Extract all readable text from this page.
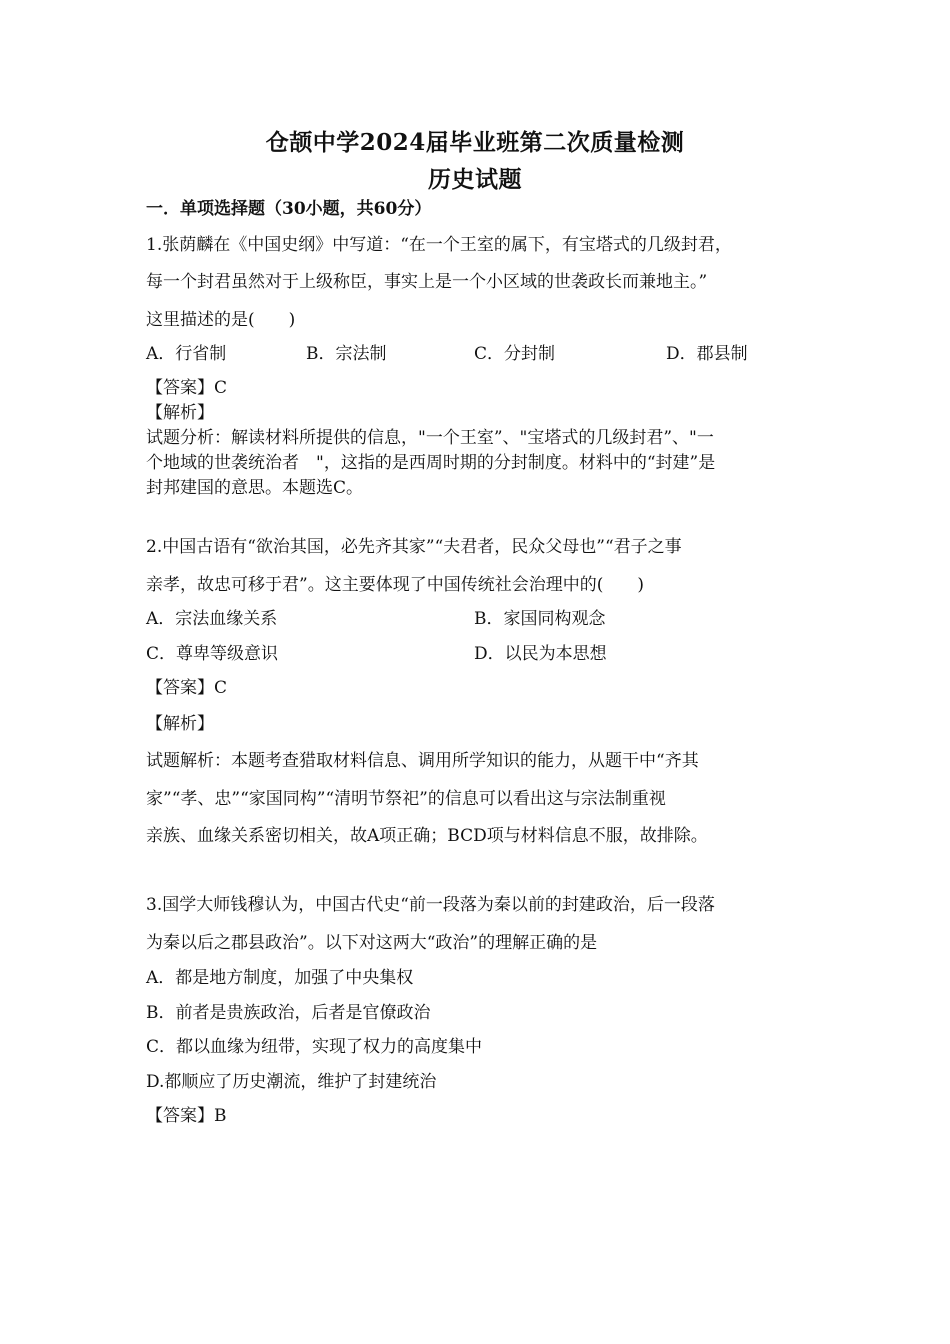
仓颉中学2024届毕业班第二次质量检测
历史试题
一．单项选择题（30小题，共60分）
1.张荫麟在《中国史纲》中写道：“在一个王室的属下，有宝塔式的几级封君，
每一个封君虽然对于上级称臣，事实上是一个小区域的世袭政长而兼地主。”
这里描述的是(　　)
A．行省制	B．宗法制	C．分封制	D．郡县制
【答案】C
【解析】
试题分析：解读材料所提供的信息，"一个王室”、"宝塔式的几级封君”、"一
个地域的世袭统治者　"，这指的是西周时期的分封制度。材料中的“封建”是
封邦建国的意思。本题选C。
2.中国古语有“欲治其国，必先齐其家”“夫君者，民众父母也”“君子之事
亲孝，故忠可移于君”。这主要体现了中国传统社会治理中的(　　)
A．宗法血缘关系	B．家国同构观念
C．尊卑等级意识	D．以民为本思想
【答案】C
【解析】
试题解析：本题考查猎取材料信息、调用所学知识的能力，从题干中“齐其
家”“孝、忠”“家国同构”“清明节祭祀”的信息可以看出这与宗法制重视
亲族、血缘关系密切相关，故A项正确；BCD项与材料信息不服，故排除。
3.国学大师钱穆认为，中国古代史“前一段落为秦以前的封建政治，后一段落
为秦以后之郡县政治”。以下对这两大“政治”的理解正确的是
A．都是地方制度，加强了中央集权
B．前者是贵族政治，后者是官僚政治
C．都以血缘为纽带，实现了权力的高度集中
D.都顺应了历史潮流，维护了封建统治
【答案】B
